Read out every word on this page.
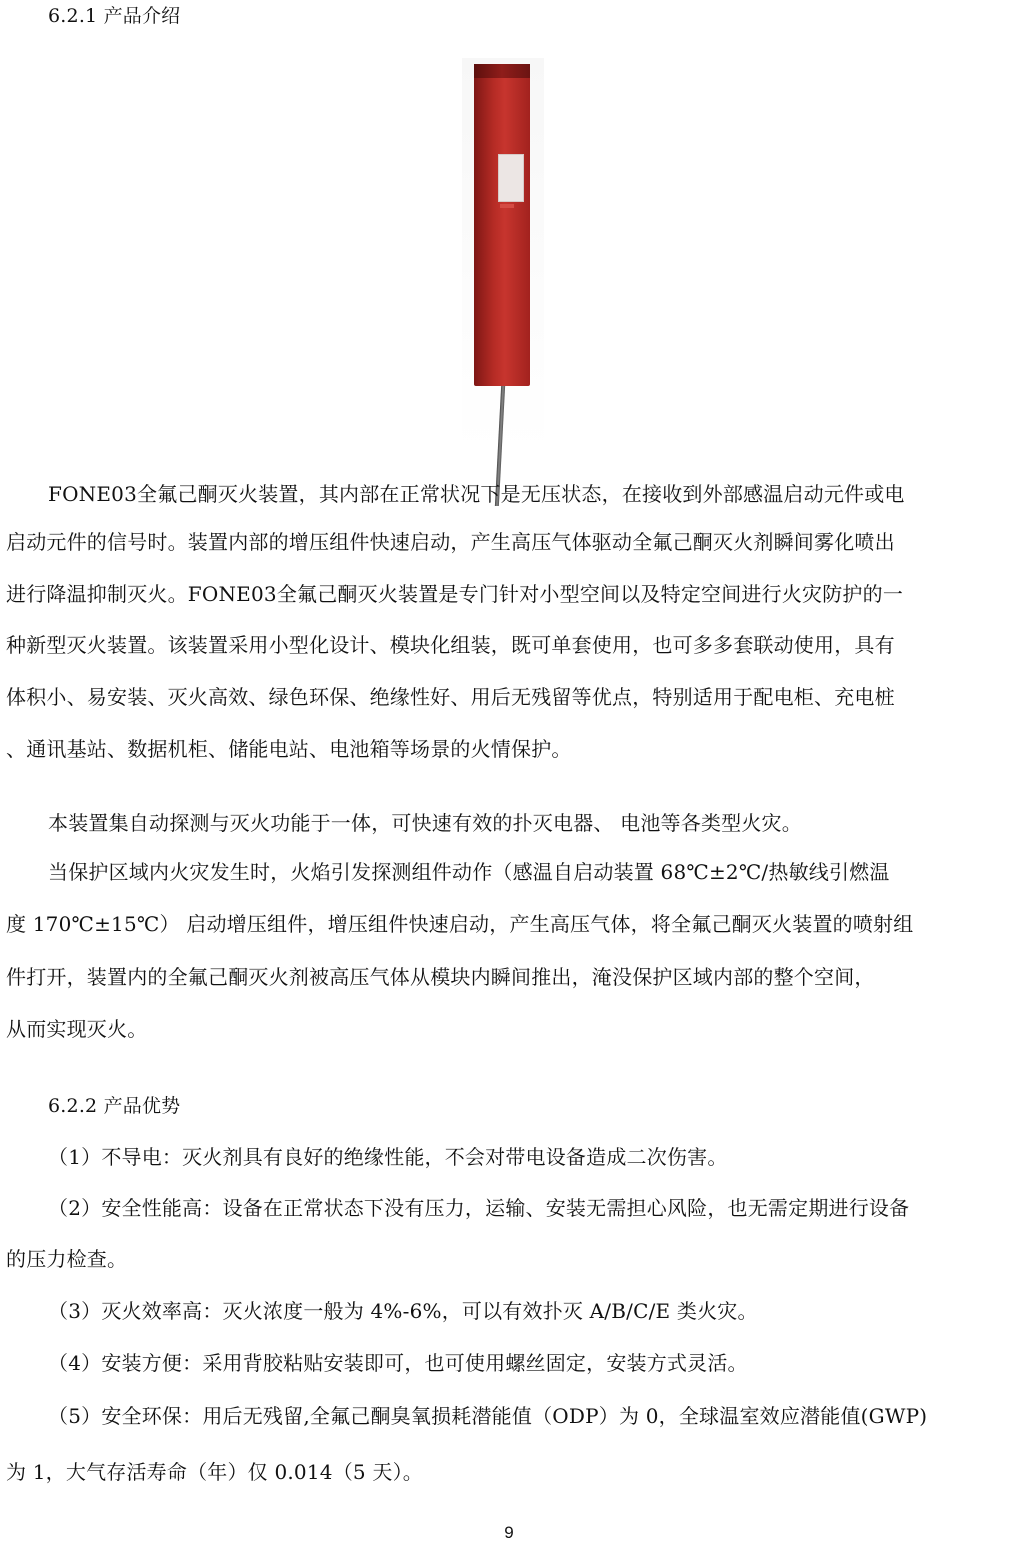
6.2.1 产品介绍
FONE03全氟己酮灭火装置，其内部在正常状况下是无压状态，在接收到外部感温启动元件或电
启动元件的信号时。装置内部的增压组件快速启动，产生高压气体驱动全氟己酮灭火剂瞬间雾化喷出
进行降温抑制灭火。FONE03全氟己酮灭火装置是专门针对小型空间以及特定空间进行火灾防护的一
种新型灭火装置。该装置采用小型化设计、模块化组装，既可单套使用，也可多多套联动使用，具有
体积小、易安装、灭火高效、绿色环保、绝缘性好、用后无残留等优点，特别适用于配电柜、充电桩
、通讯基站、数据机柜、储能电站、电池箱等场景的火情保护。
本装置集自动探测与灭火功能于一体，可快速有效的扑灭电器、 电池等各类型火灾。
当保护区域内火灾发生时，火焰引发探测组件动作（感温自启动装置 68℃±2℃/热敏线引燃温
度 170℃±15℃） 启动增压组件，增压组件快速启动，产生高压气体，将全氟己酮灭火装置的喷射组
件打开，装置内的全氟己酮灭火剂被高压气体从模块内瞬间推出，淹没保护区域内部的整个空间，
从而实现灭火。
6.2.2 产品优势
（1）不导电：灭火剂具有良好的绝缘性能，不会对带电设备造成二次伤害。
（2）安全性能高：设备在正常状态下没有压力，运输、安装无需担心风险，也无需定期进行设备
的压力检查。
（3）灭火效率高：灭火浓度一般为 4%-6%，可以有效扑灭 A/B/C/E 类火灾。
（4）安装方便：采用背胶粘贴安装即可，也可使用螺丝固定，安装方式灵活。
（5）安全环保：用后无残留,全氟己酮臭氧损耗潜能值（ODP）为 0，全球温室效应潜能值(GWP)
为 1，大气存活寿命（年）仅 0.014（5 天）。
9
